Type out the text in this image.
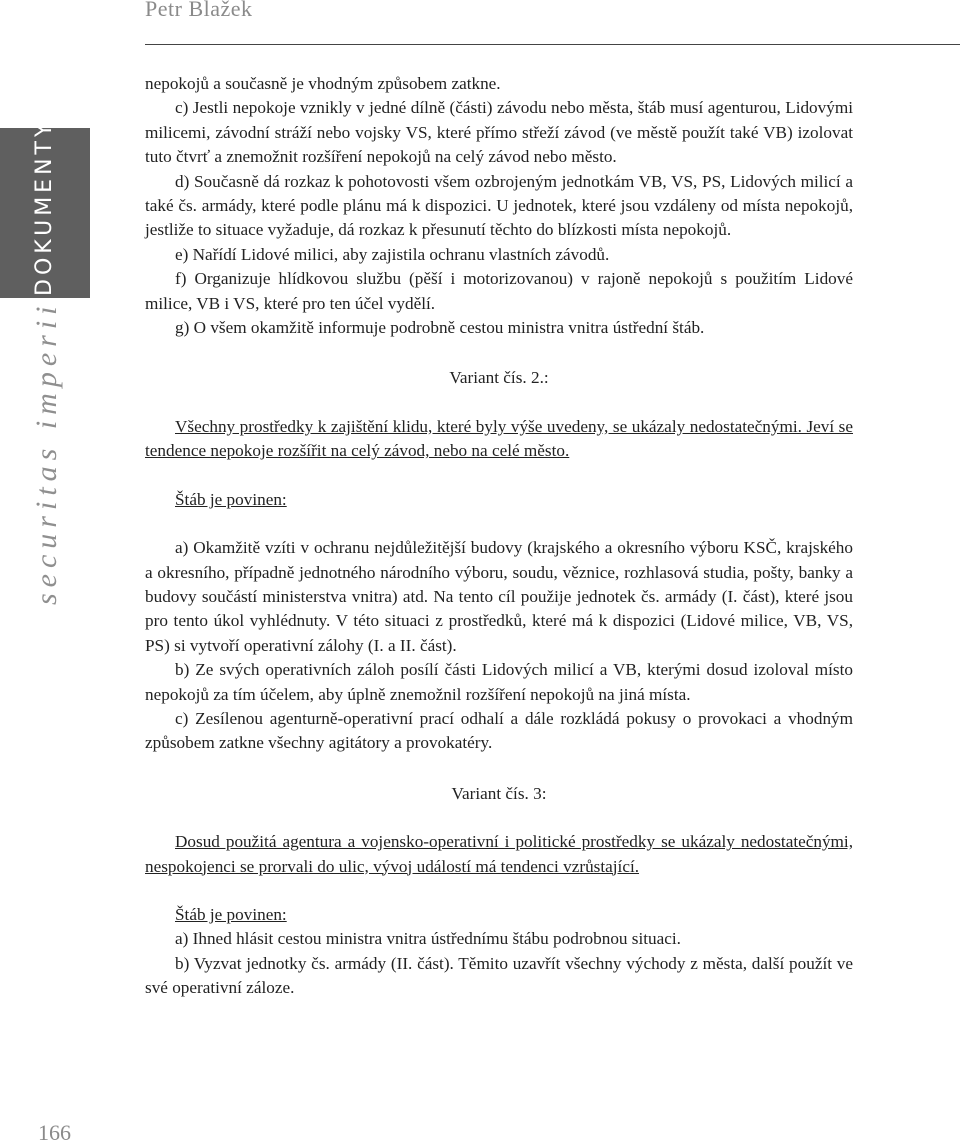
Petr Blažek
DOKUMENTY
securitas imperii
166

nepokojů a současně je vhodným způsobem zatkne.

c) Jestli nepokoje vznikly v jedné dílně (části) závodu nebo města, štáb musí agenturou, Lidovými milicemi, závodní stráží nebo vojsky VS, které přímo střeží závod (ve městě použít také VB) izolovat tuto čtvrť a znemožnit rozšíření nepokojů na celý závod nebo město.

d) Současně dá rozkaz k pohotovosti všem ozbrojeným jednotkám VB, VS, PS, Lidových milicí a také čs. armády, které podle plánu má k dispozici. U jednotek, které jsou vzdáleny od místa nepokojů, jestliže to situace vyžaduje, dá rozkaz k přesunutí těchto do blízkosti místa nepokojů.

e) Nařídí Lidové milici, aby zajistila ochranu vlastních závodů.

f) Organizuje hlídkovou službu (pěší i motorizovanou) v rajoně nepokojů s použitím Lidové milice, VB i VS, které pro ten účel vydělí.

g) O všem okamžitě informuje podrobně cestou ministra vnitra ústřední štáb.

Variant čís. 2.:

Všechny prostředky k zajištění klidu, které byly výše uvedeny, se ukázaly nedostatečnými. Jeví se tendence nepokoje rozšířit na celý závod, nebo na celé město.

Štáb je povinen:

a) Okamžitě vzíti v ochranu nejdůležitější budovy (krajského a okresního výboru KSČ, krajského a okresního, případně jednotného národního výboru, soudu, věznice, rozhlasová studia, pošty, banky a budovy součástí ministerstva vnitra) atd. Na tento cíl použije jednotek čs. armády (I. část), které jsou pro tento úkol vyhlédnuty. V této situaci z prostředků, které má k dispozici (Lidové milice, VB, VS, PS) si vytvoří operativní zálohy (I. a II. část).

b) Ze svých operativních záloh posílí části Lidových milicí a VB, kterými dosud izoloval místo nepokojů za tím účelem, aby úplně znemožnil rozšíření nepokojů na jiná místa.

c) Zesílenou agenturně-operativní prací odhalí a dále rozkládá pokusy o provokaci a vhodným způsobem zatkne všechny agitátory a provokatéry.

Variant čís. 3:

Dosud použitá agentura a vojensko-operativní i politické prostředky se ukázaly nedostatečnými, nespokojenci se prorvali do ulic, vývoj událostí má tendenci vzrůstající.

Štáb je povinen:

a) Ihned hlásit cestou ministra vnitra ústřednímu štábu podrobnou situaci.

b) Vyzvat jednotky čs. armády (II. část). Těmito uzavřít všechny východy z města, další použít ve své operativní záloze.
